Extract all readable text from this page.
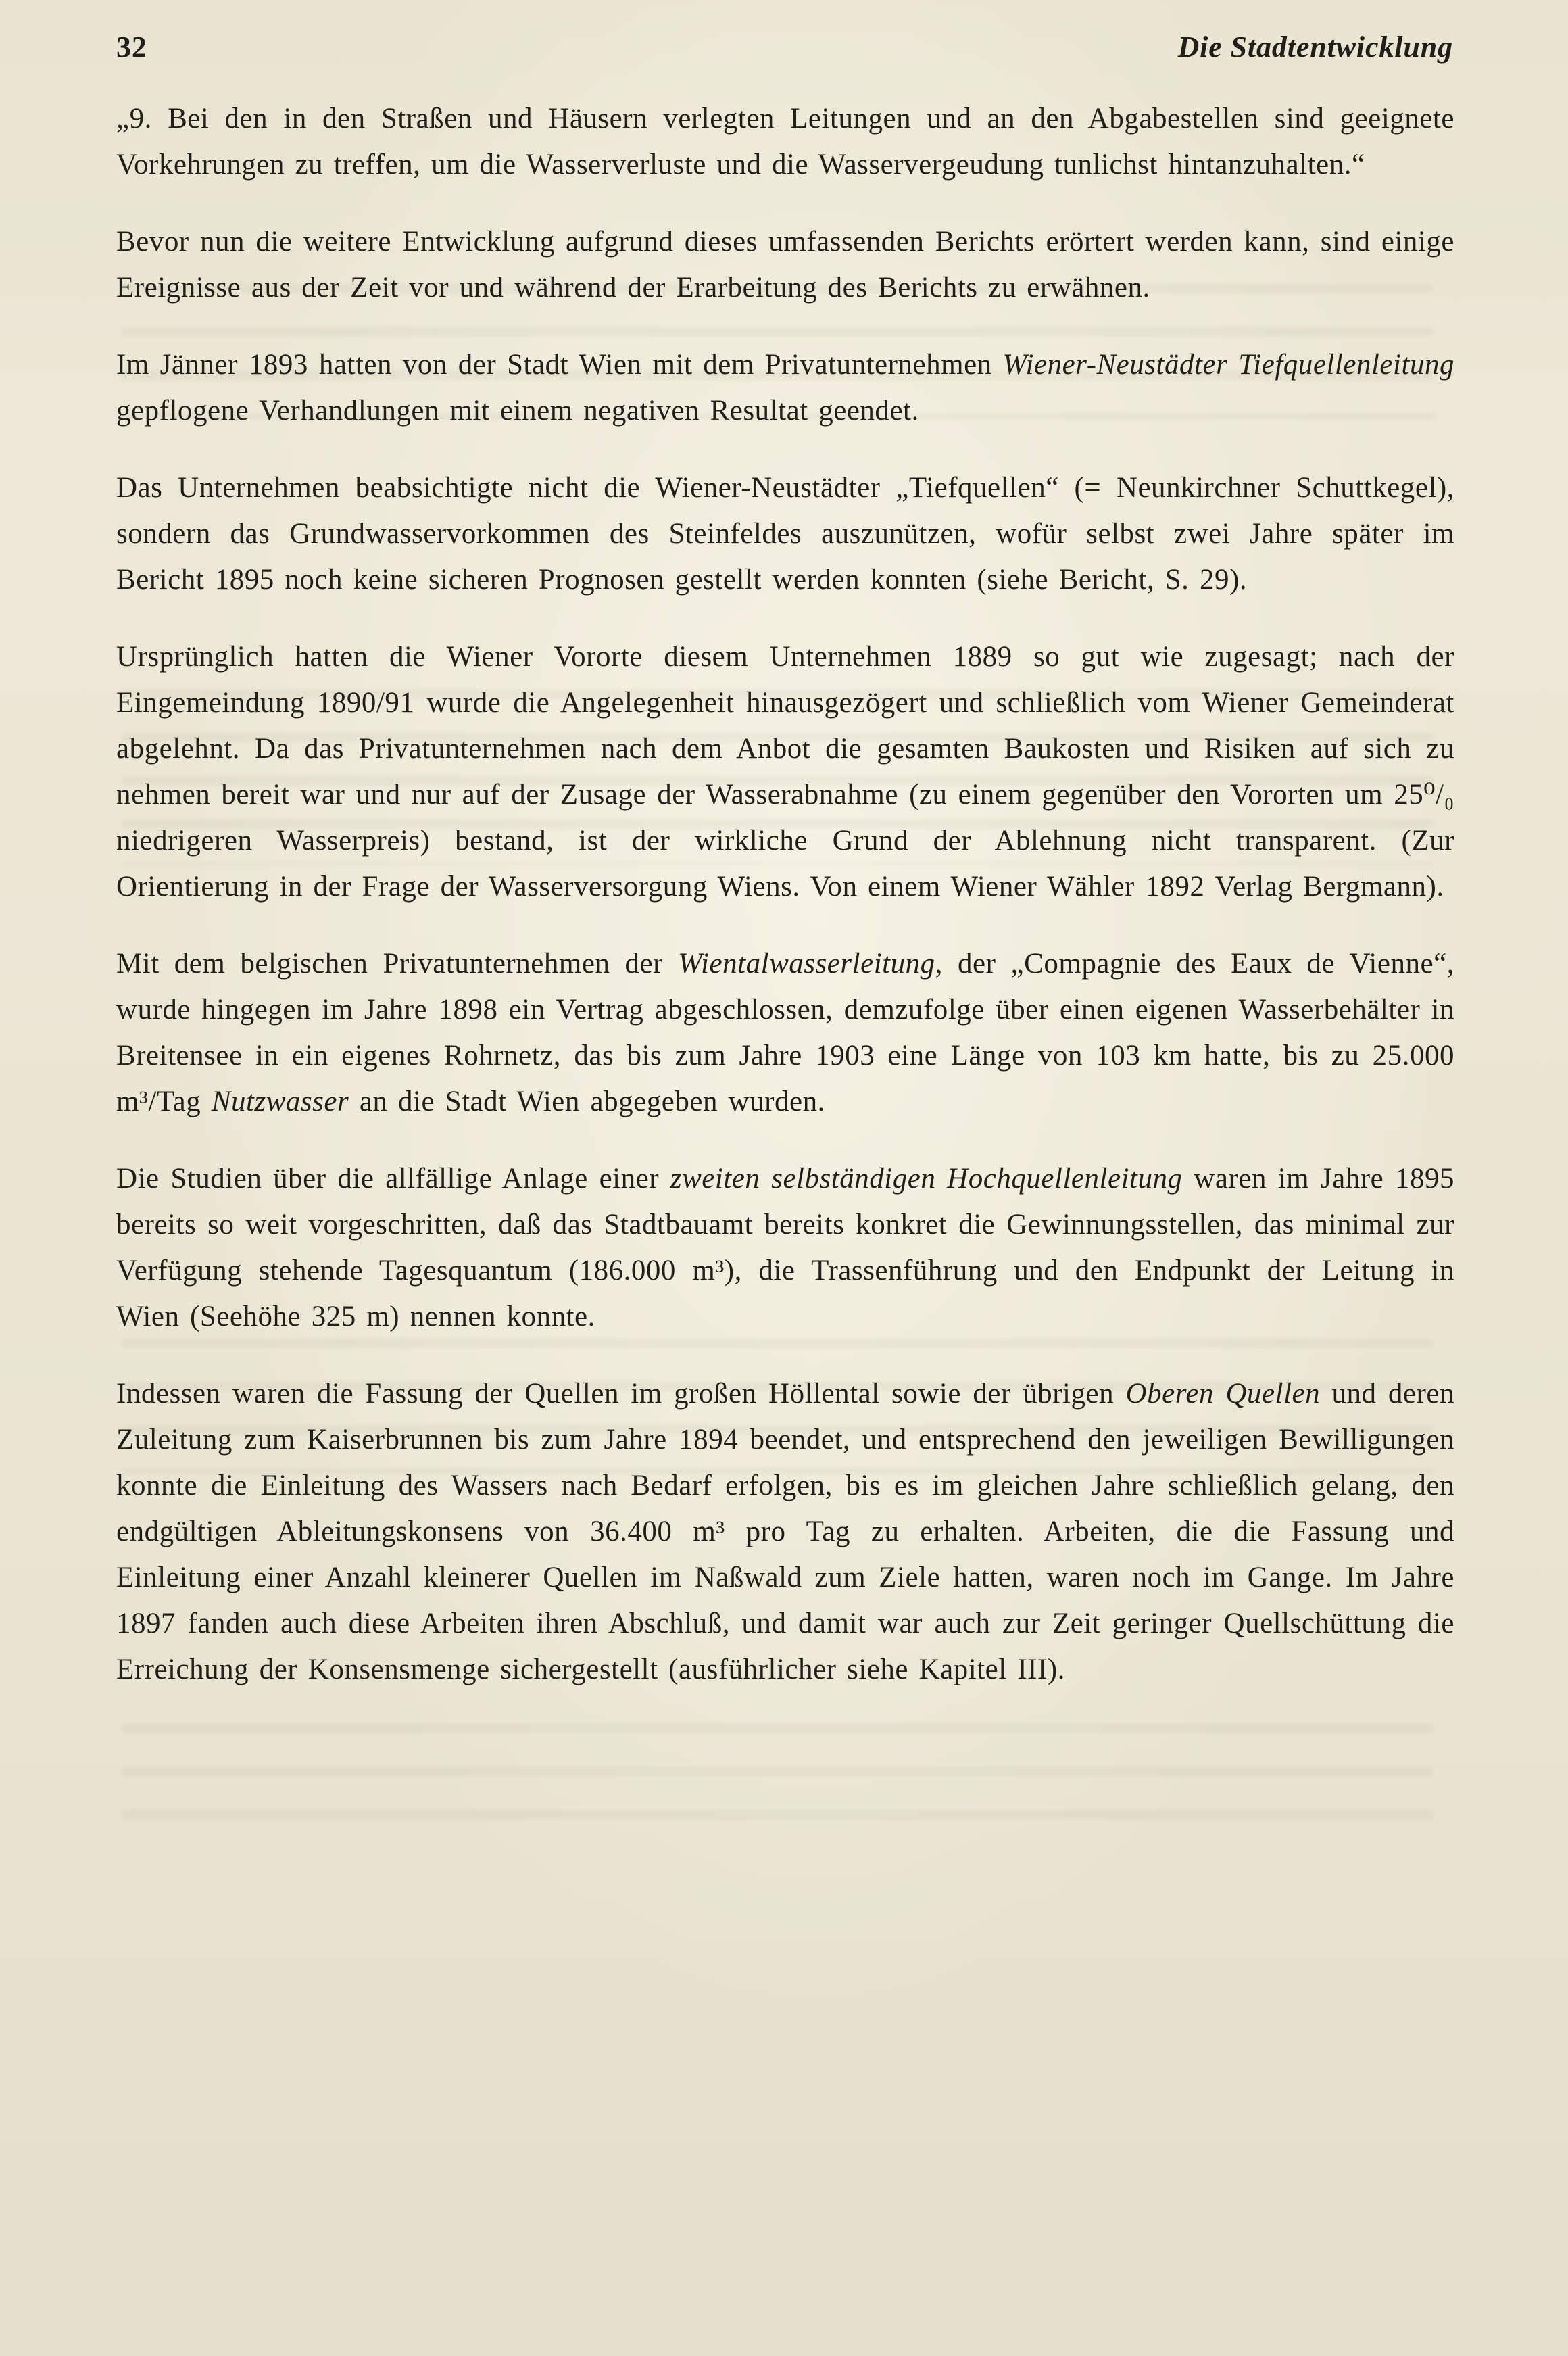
32	Die Stadtentwicklung

„9. Bei den in den Straßen und Häusern verlegten Leitungen und an den Abgabestellen sind geeignete Vorkehrungen zu treffen, um die Wasserverluste und die Wasservergeudung tunlichst hintanzuhalten.“

Bevor nun die weitere Entwicklung aufgrund dieses umfassenden Berichts erörtert werden kann, sind einige Ereignisse aus der Zeit vor und während der Erarbeitung des Berichts zu erwähnen.

Im Jänner 1893 hatten von der Stadt Wien mit dem Privatunternehmen Wiener-Neustädter Tiefquellenleitung gepflogene Verhandlungen mit einem negativen Resultat geendet.

Das Unternehmen beabsichtigte nicht die Wiener-Neustädter „Tiefquellen“ (= Neunkirchner Schuttkegel), sondern das Grundwasservorkommen des Steinfeldes auszunützen, wofür selbst zwei Jahre später im Bericht 1895 noch keine sicheren Prognosen gestellt werden konnten (siehe Bericht, S. 29).

Ursprünglich hatten die Wiener Vororte diesem Unternehmen 1889 so gut wie zugesagt; nach der Eingemeindung 1890/91 wurde die Angelegenheit hinausgezögert und schließlich vom Wiener Gemeinderat abgelehnt. Da das Privatunternehmen nach dem Anbot die gesamten Baukosten und Risiken auf sich zu nehmen bereit war und nur auf der Zusage der Wasserabnahme (zu einem gegenüber den Vororten um 25⁰/₀ niedrigeren Wasserpreis) bestand, ist der wirkliche Grund der Ablehnung nicht transparent. (Zur Orientierung in der Frage der Wasserversorgung Wiens. Von einem Wiener Wähler 1892 Verlag Bergmann).

Mit dem belgischen Privatunternehmen der Wientalwasserleitung, der „Compagnie des Eaux de Vienne“, wurde hingegen im Jahre 1898 ein Vertrag abgeschlossen, demzufolge über einen eigenen Wasserbehälter in Breitensee in ein eigenes Rohrnetz, das bis zum Jahre 1903 eine Länge von 103 km hatte, bis zu 25.000 m³/Tag Nutzwasser an die Stadt Wien abgegeben wurden.

Die Studien über die allfällige Anlage einer zweiten selbständigen Hochquellenleitung waren im Jahre 1895 bereits so weit vorgeschritten, daß das Stadtbauamt bereits konkret die Gewinnungsstellen, das minimal zur Verfügung stehende Tagesquantum (186.000 m³), die Trassenführung und den Endpunkt der Leitung in Wien (Seehöhe 325 m) nennen konnte.

Indessen waren die Fassung der Quellen im großen Höllental sowie der übrigen Oberen Quellen und deren Zuleitung zum Kaiserbrunnen bis zum Jahre 1894 beendet, und entsprechend den jeweiligen Bewilligungen konnte die Einleitung des Wassers nach Bedarf erfolgen, bis es im gleichen Jahre schließlich gelang, den endgültigen Ableitungskonsens von 36.400 m³ pro Tag zu erhalten. Arbeiten, die die Fassung und Einleitung einer Anzahl kleinerer Quellen im Naßwald zum Ziele hatten, waren noch im Gange. Im Jahre 1897 fanden auch diese Arbeiten ihren Abschluß, und damit war auch zur Zeit geringer Quellschüttung die Erreichung der Konsensmenge sichergestellt (ausführlicher siehe Kapitel III).
